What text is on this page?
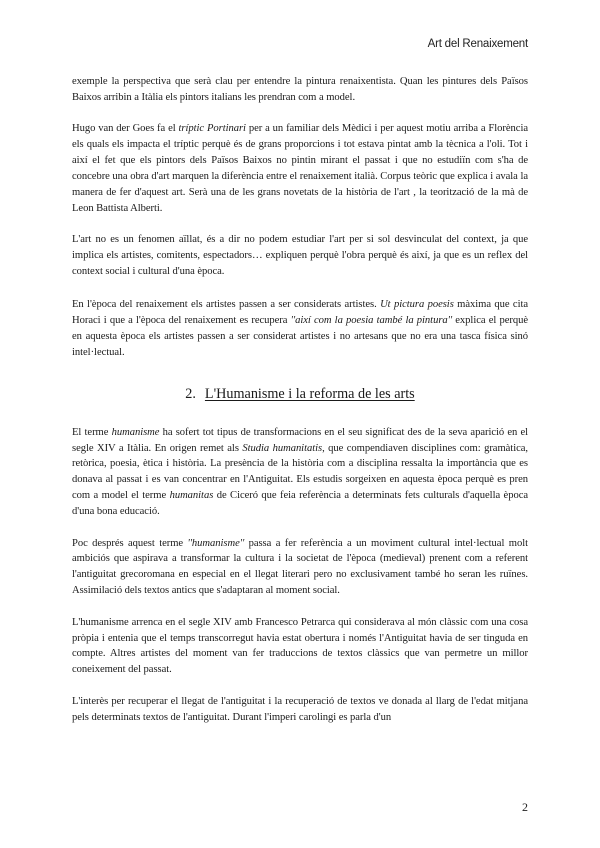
Art del Renaixement

exemple la perspectiva que serà clau per entendre la pintura renaixentista. Quan les pintures dels Països Baixos arribin a Itàlia els pintors italians les prendran com a model.

Hugo van der Goes fa el tríptic Portinari per a un familiar dels Mèdici i per aquest motiu arriba a Florència els quals els impacta el tríptic perquè és de grans proporcions i tot estava pintat amb la tècnica a l'oli. Tot i així el fet que els pintors dels Països Baixos no pintin mirant el passat i que no estudiïn com s'ha de concebre una obra d'art marquen la diferència entre el renaixement italià. Corpus teòric que explica i avala la manera de fer d'aquest art. Serà una de les grans novetats de la història de l'art , la teorització de la mà de Leon Battista Alberti.

L'art no es un fenomen aïllat, és a dir no podem estudiar l'art per si sol desvinculat del context, ja que implica els artistes, comitents, espectadors… expliquen perquè l'obra perquè és així, ja que es un reflex del context social i cultural d'una època.

En l'època del renaixement els artistes passen a ser considerats artistes. Ut pictura poesis màxima que cita Horaci i que a l'època del renaixement es recupera ''així com la poesia també la pintura'' explica el perquè en aquesta època els artistes passen a ser considerat artistes i no artesans que no era una tasca física sinó intel·lectual.

2. L'Humanisme i la reforma de les arts

El terme humanisme ha sofert tot tipus de transformacions en el seu significat des de la seva aparició en el segle XIV a Itàlia. En origen remet als Studia humanitatis, que compendiaven disciplines com: gramàtica, retòrica, poesia, ètica i història. La presència de la història com a disciplina ressalta la importància que es donava al passat i es van concentrar en l'Antiguitat. Els estudis sorgeixen en aquesta època perquè es pren com a model el terme humanitas de Ciceró que feia referència a determinats fets culturals d'aquella època d'una bona educació.

Poc després aquest terme ''humanisme'' passa a fer referència a un moviment cultural intel·lectual molt ambiciós que aspirava a transformar la cultura i la societat de l'època (medieval) prenent com a referent l'antiguitat grecoromana en especial en el llegat literari pero no exclusivament també ho seran les ruïnes. Assimilació dels textos antics que s'adaptaran al moment social.

L'humanisme arrenca en el segle XIV amb Francesco Petrarca qui considerava al món clàssic com una cosa pròpia i entenia que el temps transcorregut havia estat obertura i només l'Antiguitat havia de ser tinguda en compte. Altres artistes del moment van fer traduccions de textos clàssics que van permetre un millor coneixement del passat.

L'interès per recuperar el llegat de l'antiguitat i la recuperació de textos ve donada al llarg de l'edat mitjana pels determinats textos de l'antiguitat. Durant l'imperi carolingi es parla d'un

2
